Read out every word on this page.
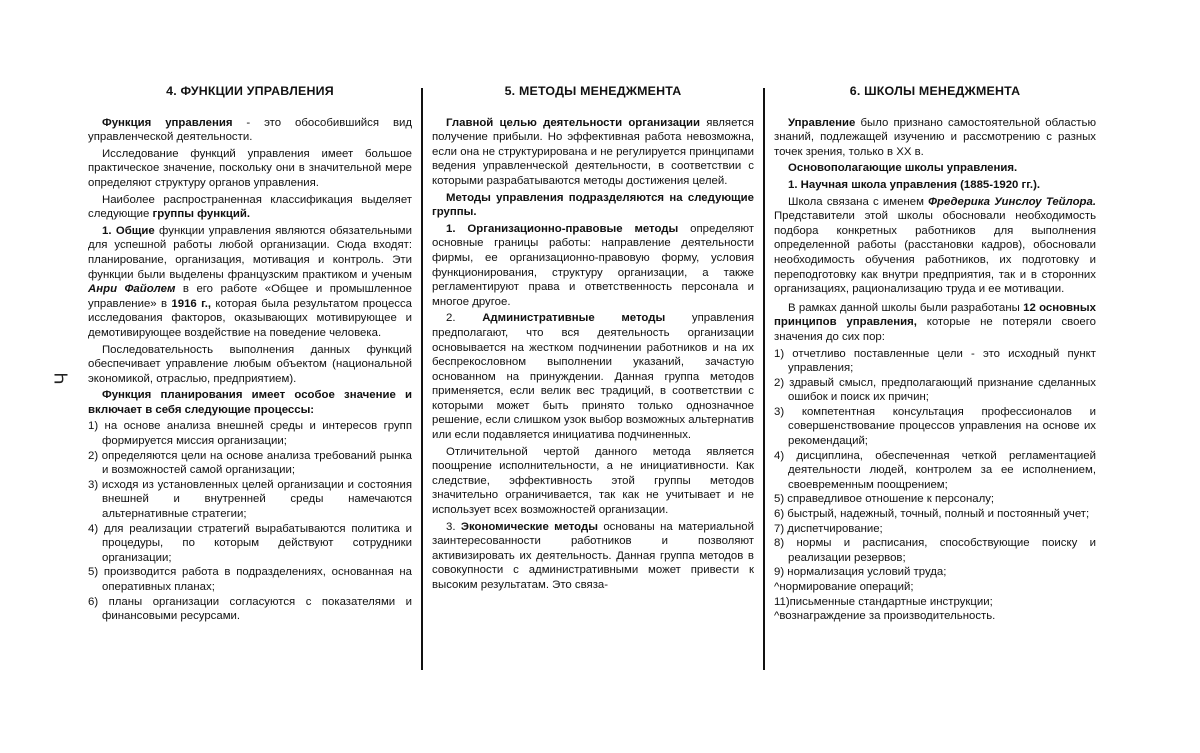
Ч
4. ФУНКЦИИ УПРАВЛЕНИЯ

Функция управления - это обособившийся вид управленческой деятельности.

Исследование функций управления имеет большое практическое значение, поскольку они в значительной мере определяют структуру органов управления.

Наиболее распространенная классификация выделяет следующие группы функций.

1. Общие функции управления являются обязательными для успешной работы любой организации. Сюда входят: планирование, организация, мотивация и контроль. Эти функции были выделены французским практиком и ученым Анри Файолем в его работе «Общее и промышленное управление» в 1916 г., которая была результатом процесса исследования факторов, оказывающих мотивирующее и демотивирующее воздействие на поведение человека.

Последовательность выполнения данных функций обеспечивает управление любым объектом (национальной экономикой, отраслью, предприятием).

Функция планирования имеет особое значение и включает в себя следующие процессы:
1) на основе анализа внешней среды и интересов групп формируется миссия организации;
2) определяются цели на основе анализа требований рынка и возможностей самой организации;
3) исходя из установленных целей организации и состояния внешней и внутренней среды намечаются альтернативные стратегии;
4) для реализации стратегий вырабатываются политика и процедуры, по которым действуют сотрудники организации;
5) производится работа в подразделениях, основанная на оперативных планах;
6) планы организации согласуются с показателями и финансовыми ресурсами.
5. МЕТОДЫ МЕНЕДЖМЕНТА

Главной целью деятельности организации является получение прибыли. Но эффективная работа невозможна, если она не структурирована и не регулируется принципами ведения управленческой деятельности, в соответствии с которыми разрабатываются методы достижения целей.

Методы управления подразделяются на следующие группы.

1. Организационно-правовые методы определяют основные границы работы: направление деятельности фирмы, ее организационно-правовую форму, условия функционирования, структуру организации, а также регламентируют права и ответственность персонала и многое другое.

2. Административные методы управления предполагают, что вся деятельность организации основывается на жестком подчинении работников и на их беспрекословном выполнении указаний, зачастую основанном на принуждении. Данная группа методов применяется, если велик вес традиций, в соответствии с которыми может быть принято только однозначное решение, если слишком узок выбор возможных альтернатив или если подавляется инициатива подчиненных.

Отличительной чертой данного метода является поощрение исполнительности, а не инициативности. Как следствие, эффективность этой группы методов значительно ограничивается, так как не учитывает и не использует всех возможностей организации.

3. Экономические методы основаны на материальной заинтересованности работников и позволяют активизировать их деятельность. Данная группа методов в совокупности с административными может привести к высоким результатам. Это связа-

6. ШКОЛЫ МЕНЕДЖМЕНТА

Управление было признано самостоятельной областью знаний, подлежащей изучению и рассмотрению с разных точек зрения, только в XX в.

Основополагающие школы управления.
1. Научная школа управления (1885-1920 гг.).

Школа связана с именем Фредерика Уинслоу Тейлора. Представители этой школы обосновали необходимость подбора конкретных работников для выполнения определенной работы (расстановки кадров), обосновали необходимость обучения работников, их подготовку и переподготовку как внутри предприятия, так и в сторонних организациях, рационализацию труда и ее мотивации.

В рамках данной школы были разработаны 12 основных принципов управления, которые не потеряли своего значения до сих пор:

1) отчетливо поставленные цели - это исходный пункт управления;
2) здравый смысл, предполагающий признание сделанных ошибок и поиск их причин;
3) компетентная консультация профессионалов и совершенствование процессов управления на основе их рекомендаций;
4) дисциплина, обеспеченная четкой регламентацией деятельности людей, контролем за ее исполнением, своевременным поощрением;
5) справедливое отношение к персоналу;
6) быстрый, надежный, точный, полный и постоянный учет;
7) диспетчирование;
8) нормы и расписания, способствующие поиску и реализации резервов;
9) нормализация условий труда;
^нормирование операций;
11)письменные стандартные инструкции;
^вознаграждение за производительность.
